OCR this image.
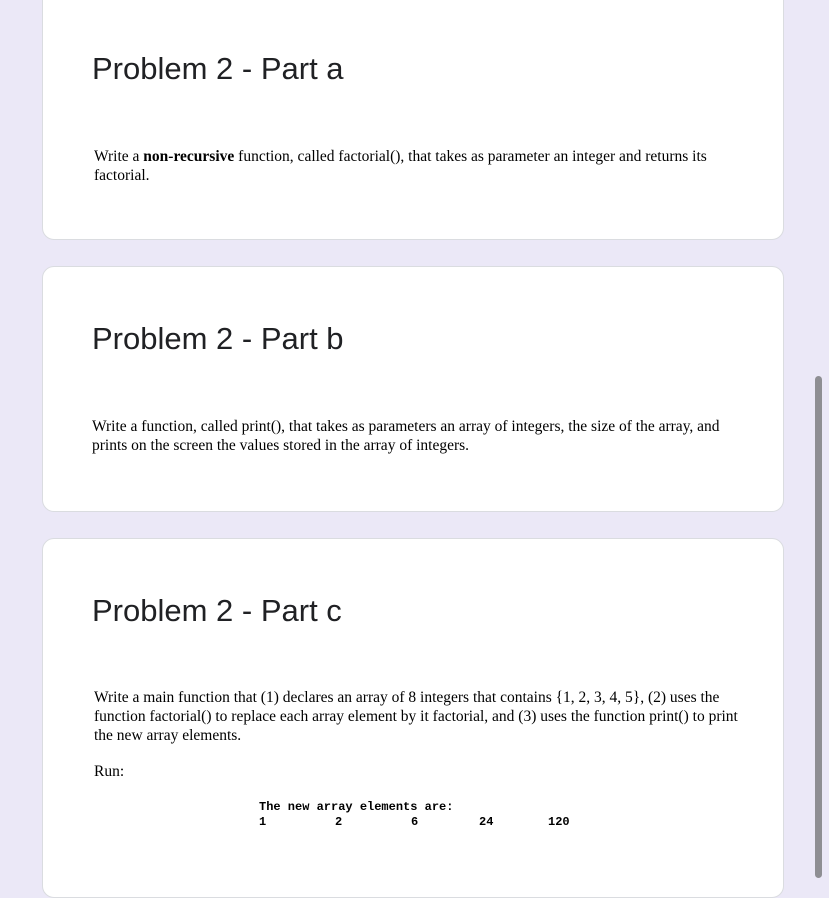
Problem 2 - Part a

Write a non-recursive function, called factorial(), that takes as parameter an integer and returns its factorial.

Problem 2 - Part b

Write a function, called print(), that takes as parameters an array of integers, the size of the array, and prints on the screen the values stored in the array of integers.

Problem 2 - Part c

Write a main function that (1) declares an array of 8 integers that contains {1, 2, 3, 4, 5}, (2) uses the function factorial() to replace each array element by it factorial, and (3) uses the function print() to print the new array elements.

Run:

The new array elements are:
1	2	6	24	120
